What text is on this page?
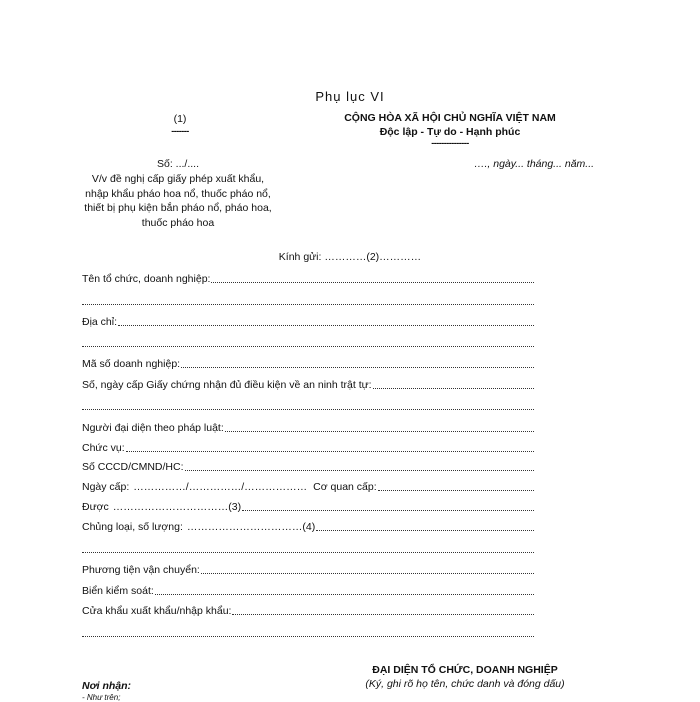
Phụ lục VI
(1)
-------
CỘNG HÒA XÃ HỘI CHỦ NGHĨA VIỆT NAM
Độc lập - Tự do - Hạnh phúc
---------------
Số: .../....
V/v đề nghị cấp giấy phép xuất khẩu, nhập khẩu pháo hoa nổ, thuốc pháo nổ, thiết bị phụ kiện bắn pháo nổ, pháo hoa, thuốc pháo hoa
…., ngày... tháng... năm...
Kính gửi: …………(2)…………
Tên tổ chức, doanh nghiệp:
Địa chỉ:
Mã số doanh nghiệp:
Số, ngày cấp Giấy chứng nhận đủ điều kiện về an ninh trật tự:
Người đại diện theo pháp luật:
Chức vụ:
Số CCCD/CMND/HC:
Ngày cấp: ……………/……………/……………… Cơ quan cấp:
Được ……………………………(3)
Chủng loại, số lượng: ……………………………(4)
Phương tiện vận chuyển:
Biển kiểm soát:
Cửa khẩu xuất khẩu/nhập khẩu:
ĐẠI DIỆN TỔ CHỨC, DOANH NGHIỆP
(Ký, ghi rõ họ tên, chức danh và đóng dấu)
Nơi nhận:
- Như trên;
